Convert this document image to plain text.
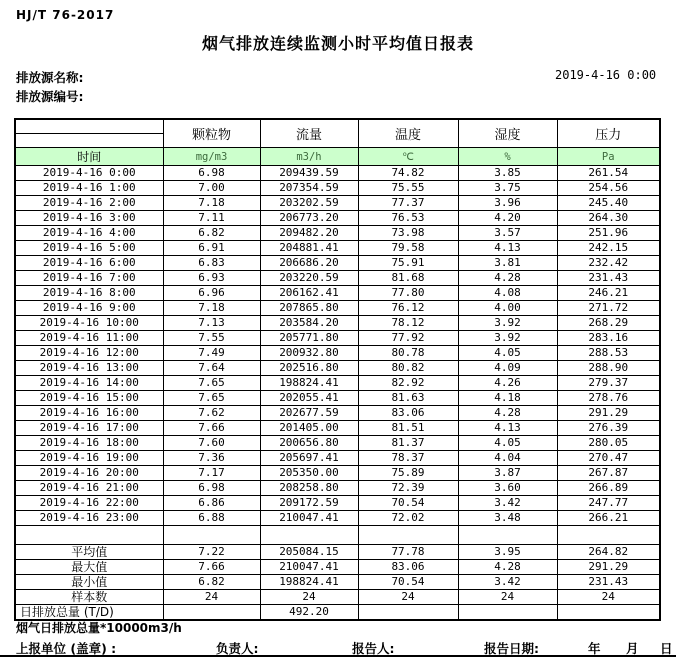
HJ/T 76-2017
烟气排放连续监测小时平均值日报表
排放源名称:	2019-4-16 0:00
排放源编号:
	颗粒物	流量	温度	湿度	压力
时间	mg/m3	m3/h	℃	%	Pa
2019-4-16 0:00	6.98	209439.59	74.82	3.85	261.54
2019-4-16 1:00	7.00	207354.59	75.55	3.75	254.56
2019-4-16 2:00	7.18	203202.59	77.37	3.96	245.40
2019-4-16 3:00	7.11	206773.20	76.53	4.20	264.30
2019-4-16 4:00	6.82	209482.20	73.98	3.57	251.96
2019-4-16 5:00	6.91	204881.41	79.58	4.13	242.15
2019-4-16 6:00	6.83	206686.20	75.91	3.81	232.42
2019-4-16 7:00	6.93	203220.59	81.68	4.28	231.43
2019-4-16 8:00	6.96	206162.41	77.80	4.08	246.21
2019-4-16 9:00	7.18	207865.80	76.12	4.00	271.72
2019-4-16 10:00	7.13	203584.20	78.12	3.92	268.29
2019-4-16 11:00	7.55	205771.80	77.92	3.92	283.16
2019-4-16 12:00	7.49	200932.80	80.78	4.05	288.53
2019-4-16 13:00	7.64	202516.80	80.82	4.09	288.90
2019-4-16 14:00	7.65	198824.41	82.92	4.26	279.37
2019-4-16 15:00	7.65	202055.41	81.63	4.18	278.76
2019-4-16 16:00	7.62	202677.59	83.06	4.28	291.29
2019-4-16 17:00	7.66	201405.00	81.51	4.13	276.39
2019-4-16 18:00	7.60	200656.80	81.37	4.05	280.05
2019-4-16 19:00	7.36	205697.41	78.37	4.04	270.47
2019-4-16 20:00	7.17	205350.00	75.89	3.87	267.87
2019-4-16 21:00	6.98	208258.80	72.39	3.60	266.89
2019-4-16 22:00	6.86	209172.59	70.54	3.42	247.77
2019-4-16 23:00	6.88	210047.41	72.02	3.48	266.21

平均值	7.22	205084.15	77.78	3.95	264.82
最大值	7.66	210047.41	83.06	4.28	291.29
最小值	6.82	198824.41	70.54	3.42	231.43
样本数	24	24	24	24	24
日排放总量 (T/D)		492.20			
烟气日排放总量*10000m3/h
上报单位 (盖章) :	负责人:	报告人:	报告日期:	年 月 日
